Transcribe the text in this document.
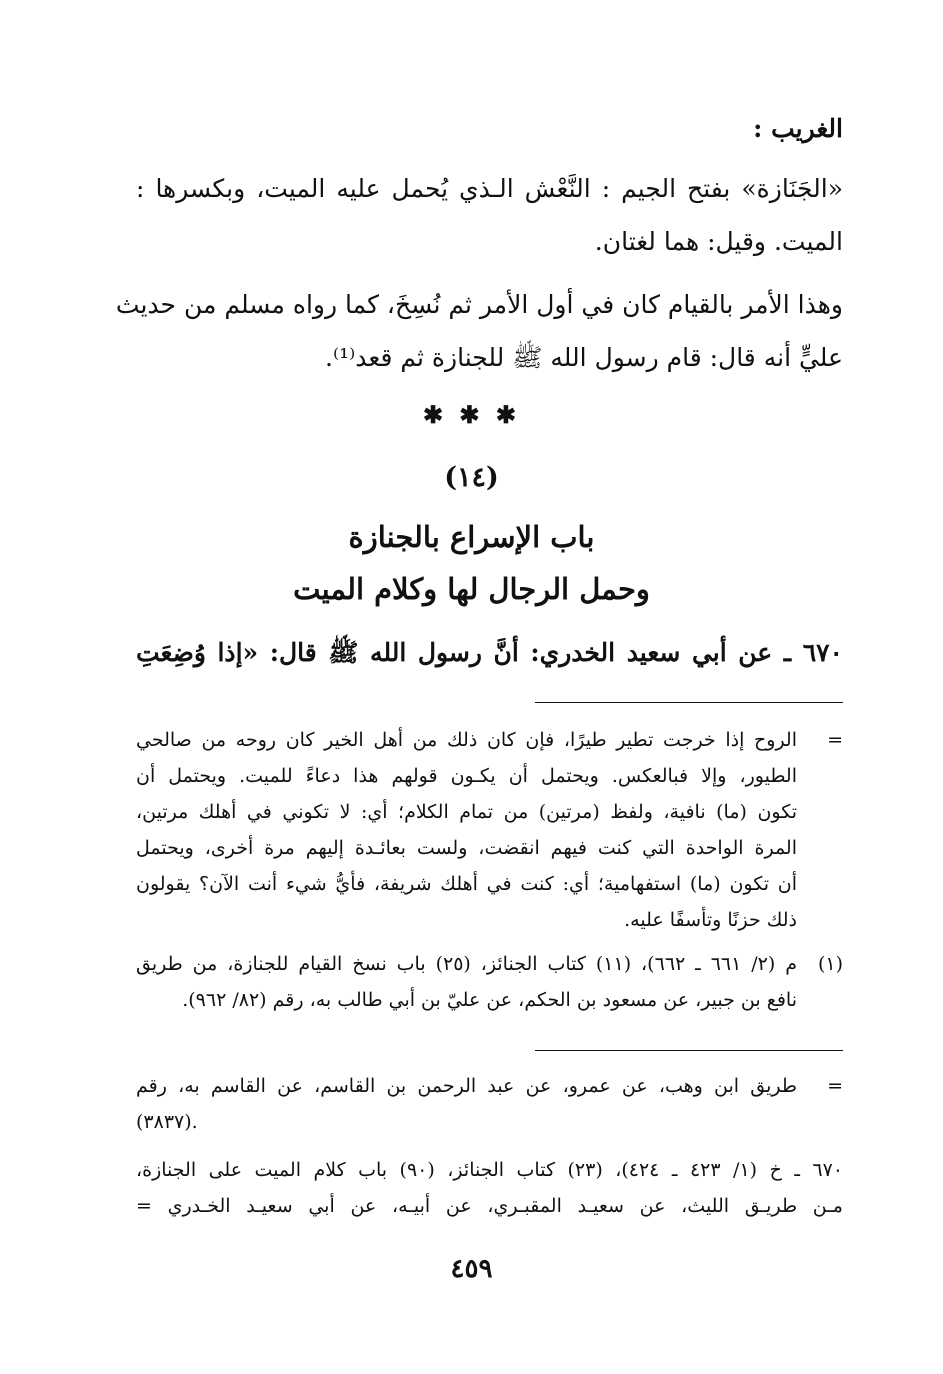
الغريب :
«الجَنَازة» بفتح الجيم : النَّعْش الـذي يُحمل عليه الميت، وبكسرها :
الميت. وقيل: هما لغتان.
وهذا الأمر بالقيام كان في أول الأمر ثم نُسِخَ، كما رواه مسلم من حديث
عليٍّ أنه قال: قام رسول الله ﷺ للجنازة ثم قعد⁽¹⁾.
✱ ✱ ✱
(١٤)
باب الإسراع بالجنازة
وحمل الرجال لها وكلام الميت
٦٧٠ ـ عن أبي سعيد الخدري: أنَّ رسول الله ﷺ قال: «إذا وُضِعَتِ
=
الروح إذا خرجت تطير طيرًا، فإن كان ذلك من أهل الخير كان روحه من صالحي
الطيور، وإلا فبالعكس. ويحتمل أن يكـون قولهم هذا دعاءً للميت. ويحتمل أن
تكون (ما) نافية، ولفظ (مرتين) من تمام الكلام؛ أي: لا تكوني في أهلك مرتين،
المرة الواحدة التي كنت فيهم انقضت، ولست بعائـدة إليهم مرة أخرى، ويحتمل
أن تكون (ما) استفهامية؛ أي: كنت في أهلك شريفة، فأيُّ شيء أنت الآن؟ يقولون
ذلك حزنًا وتأسفًا عليه.
(١)
م (٢/ ٦٦١ ـ ٦٦٢)، (١١) كتاب الجنائز، (٢٥) باب نسخ القيام للجنازة، من طريق
نافع بن جبير، عن مسعود بن الحكم، عن عليّ بن أبي طالب به، رقم (٨٢/ ٩٦٢).
=
طريق ابن وهب، عن عمرو، عن عبد الرحمن بن القاسم، عن القاسم به، رقم
(٣٨٣٧).
٦٧٠ ـ خ (١/ ٤٢٣ ـ ٤٢٤)، (٢٣) كتاب الجنائز، (٩٠) باب كلام الميت على الجنازة،
مـن طريـق الليث، عن سعيـد المقبـري، عن أبيـه، عن أبي سعيـد الخـدري =
٤٥٩
